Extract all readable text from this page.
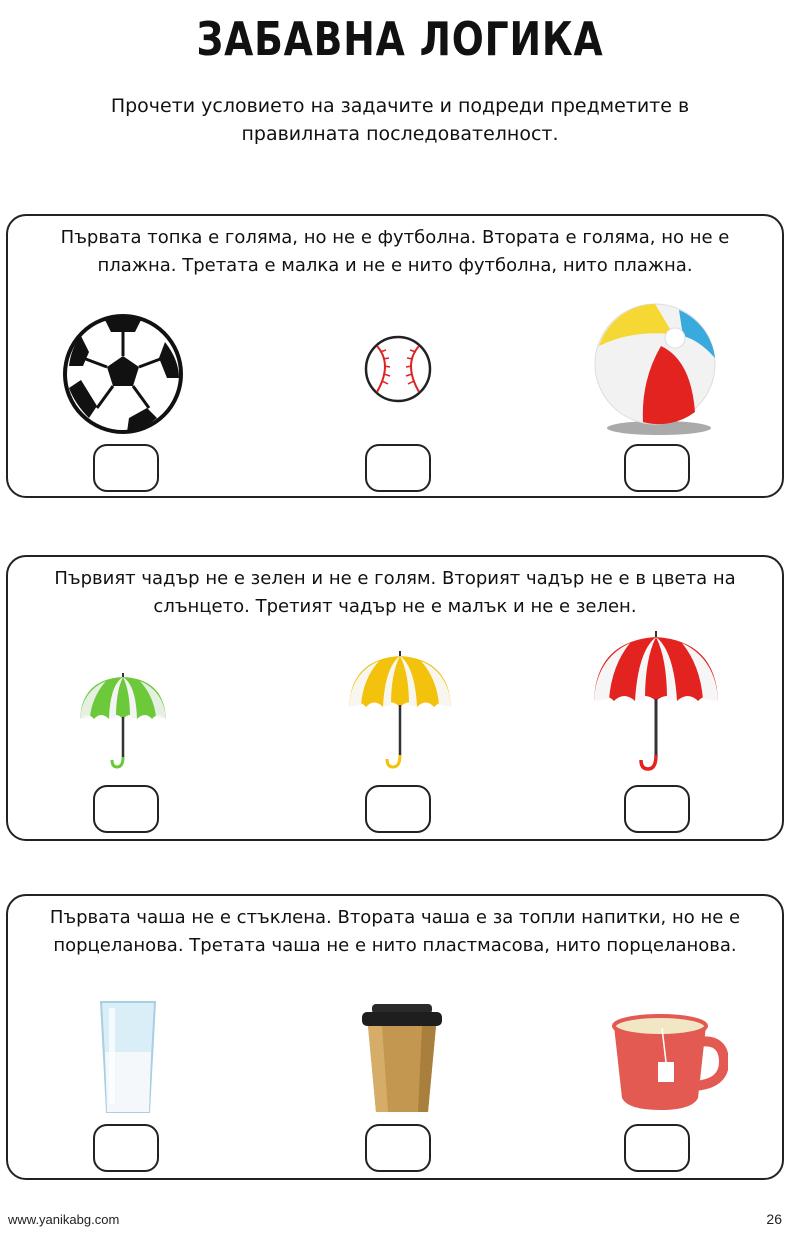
ЗАБАВНА ЛОГИКА
Прочети условието на задачите и подреди предметите в правилната последователност.
Първата топка е голяма, но не е футболна. Втората е голяма, но не е плажна. Третата е малка и не е нито футболна, нито плажна.
Първият чадър не е зелен и не е голям. Вторият чадър не е в цвета на слънцето. Третият чадър не е малък и не е зелен.
Първата чаша не е стъклена. Втората чаша е за топли напитки, но не е порцеланова. Третата чаша не е нито пластмасова, нито порцеланова.
www.yanikabg.com	26
